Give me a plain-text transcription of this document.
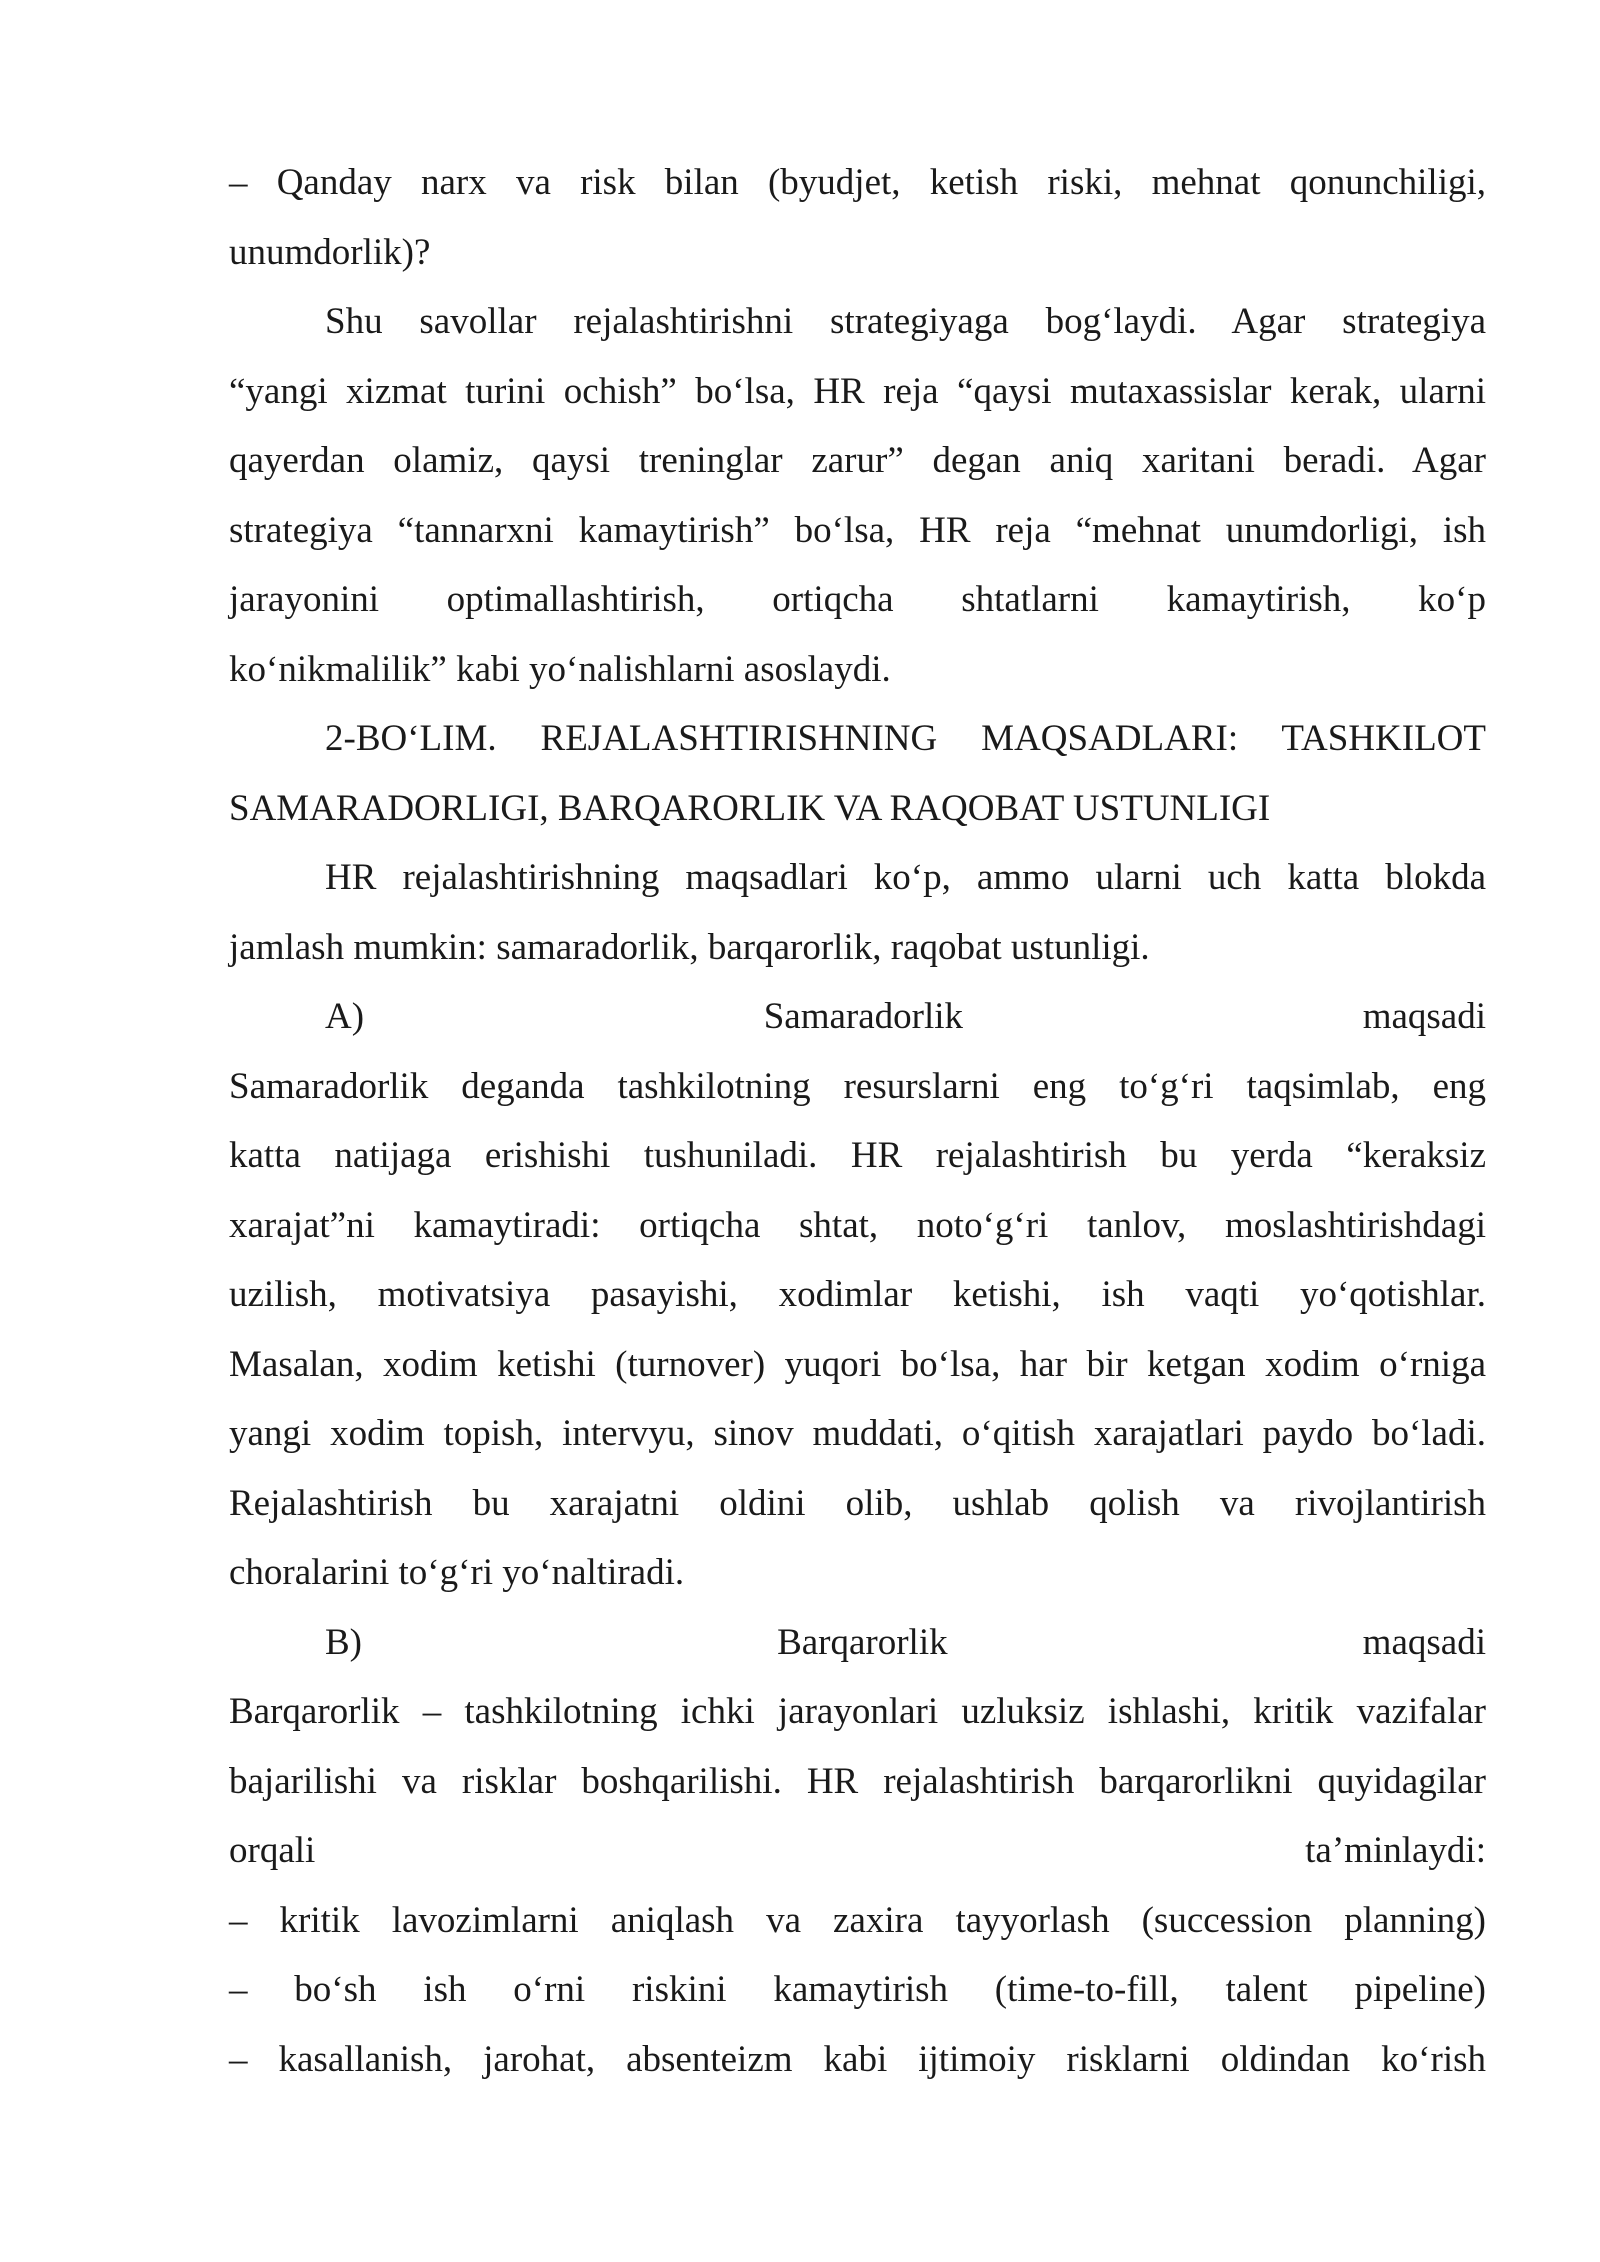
– Qanday narx va risk bilan (byudjet, ketish riski, mehnat qonunchiligi,
unumdorlik)?

Shu savollar rejalashtirishni strategiyaga bog‘laydi. Agar strategiya
“yangi xizmat turini ochish” bo‘lsa, HR reja “qaysi mutaxassislar kerak, ularni
qayerdan olamiz, qaysi treninglar zarur” degan aniq xaritani beradi. Agar
strategiya “tannarxni kamaytirish” bo‘lsa, HR reja “mehnat unumdorligi, ish
jarayonini optimallashtirish, ortiqcha shtatlarni kamaytirish, ko‘p
ko‘nikmalilik” kabi yo‘nalishlarni asoslaydi.

2-BO‘LIM. REJALASHTIRISHNING MAQSADLARI: TASHKILOT
SAMARADORLIGI, BARQARORLIK VA RAQOBAT USTUNLIGI

HR rejalashtirishning maqsadlari ko‘p, ammo ularni uch katta blokda
jamlash mumkin: samaradorlik, barqarorlik, raqobat ustunligi.

A)	Samaradorlik	maqsadi

Samaradorlik deganda tashkilotning resurslarni eng to‘g‘ri taqsimlab, eng
katta natijaga erishishi tushuniladi. HR rejalashtirish bu yerda “keraksiz
xarajat”ni kamaytiradi: ortiqcha shtat, noto‘g‘ri tanlov, moslashtirishdagi
uzilish, motivatsiya pasayishi, xodimlar ketishi, ish vaqti yo‘qotishlar.
Masalan, xodim ketishi (turnover) yuqori bo‘lsa, har bir ketgan xodim o‘rniga
yangi xodim topish, intervyu, sinov muddati, o‘qitish xarajatlari paydo bo‘ladi.
Rejalashtirish bu xarajatni oldini olib, ushlab qolish va rivojlantirish
choralarini to‘g‘ri yo‘naltiradi.

B)	Barqarorlik	maqsadi

Barqarorlik – tashkilotning ichki jarayonlari uzluksiz ishlashi, kritik vazifalar
bajarilishi va risklar boshqarilishi. HR rejalashtirish barqarorlikni quyidagilar
orqali	ta’minlaydi:

– kritik lavozimlarni aniqlash va zaxira tayyorlash (succession planning)
– bo‘sh ish o‘rni riskini kamaytirish (time-to-fill, talent pipeline)
– kasallanish, jarohat, absenteizm kabi ijtimoiy risklarni oldindan ko‘rish
